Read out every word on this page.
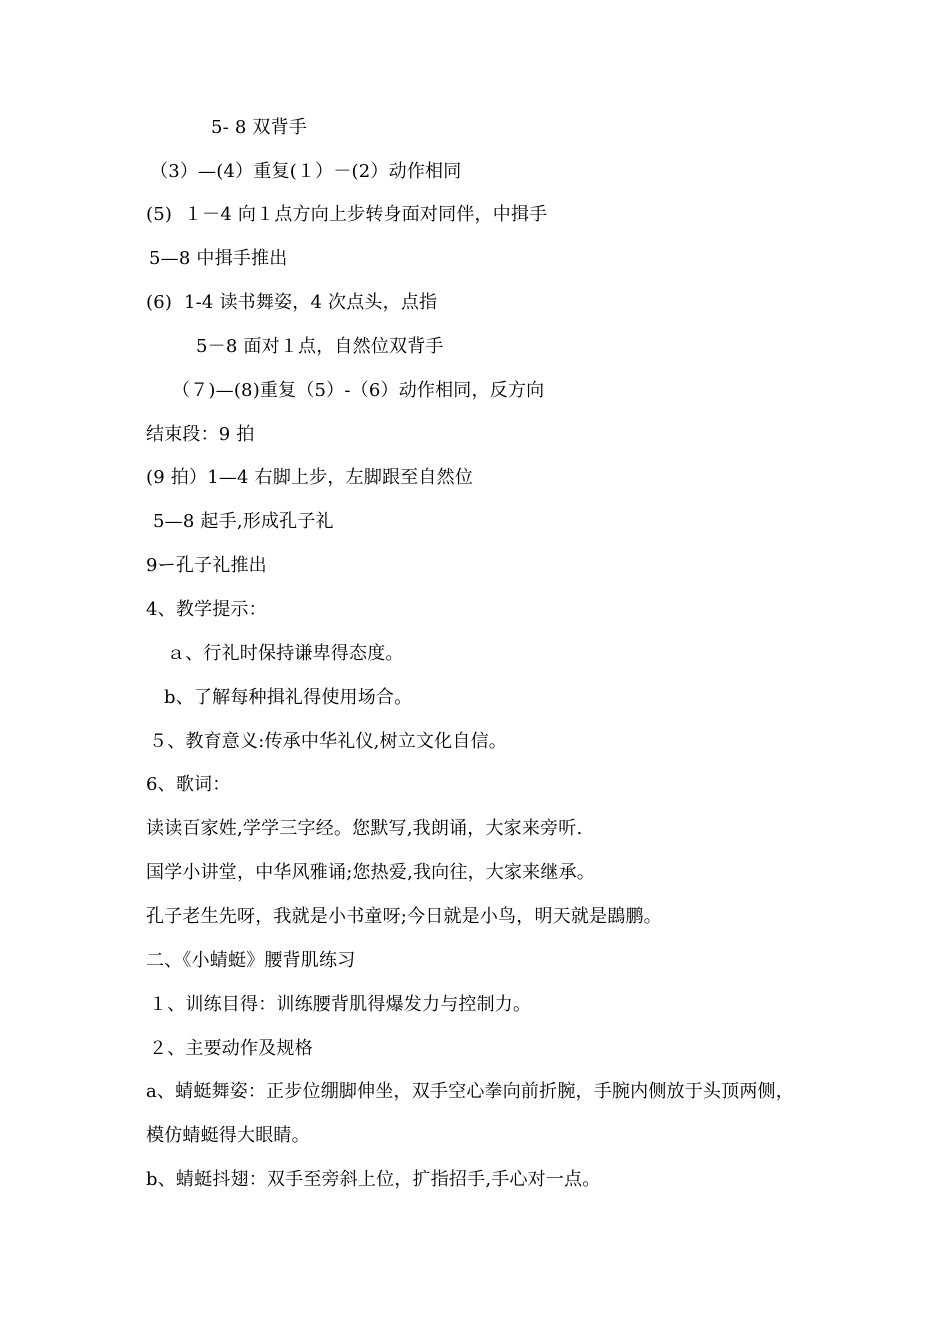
5- 8 双背手
（3）—(4）重复(１）－(2）动作相同
(5)  １－4 向１点方向上步转身面对同伴，中揖手
5—8 中揖手推出
(6)  1-4 读书舞姿，4 次点头，点指
5－8 面对１点，自然位双背手
（７)—(8)重复（5）-（6）动作相同，反方向
结束段：9 拍
(9 拍）1—4 右脚上步，左脚跟至自然位
5—8 起手,形成孔子礼
9ー孔子礼推出
4、教学提示：
ａ、行礼时保持谦卑得态度。
b、了解每种揖礼得使用场合。
５、教育意义:传承中华礼仪,树立文化自信。
6、歌词：
读读百家姓,学学三字经。您默写,我朗诵，大家来旁听.
国学小讲堂，中华风雅诵;您热爱,我向往，大家来继承。
孔子老生先呀，我就是小书童呀;今日就是小鸟，明天就是鵾鹏。
二、《小蜻蜓》腰背肌练习
１、训练目得：训练腰背肌得爆发力与控制力。
２、主要动作及规格
a、蜻蜓舞姿：正步位绷脚伸坐，双手空心拳向前折腕，手腕内侧放于头顶两侧，
模仿蜻蜓得大眼睛。
b、蜻蜓抖翅：双手至旁斜上位，扩指招手,手心对一点。
